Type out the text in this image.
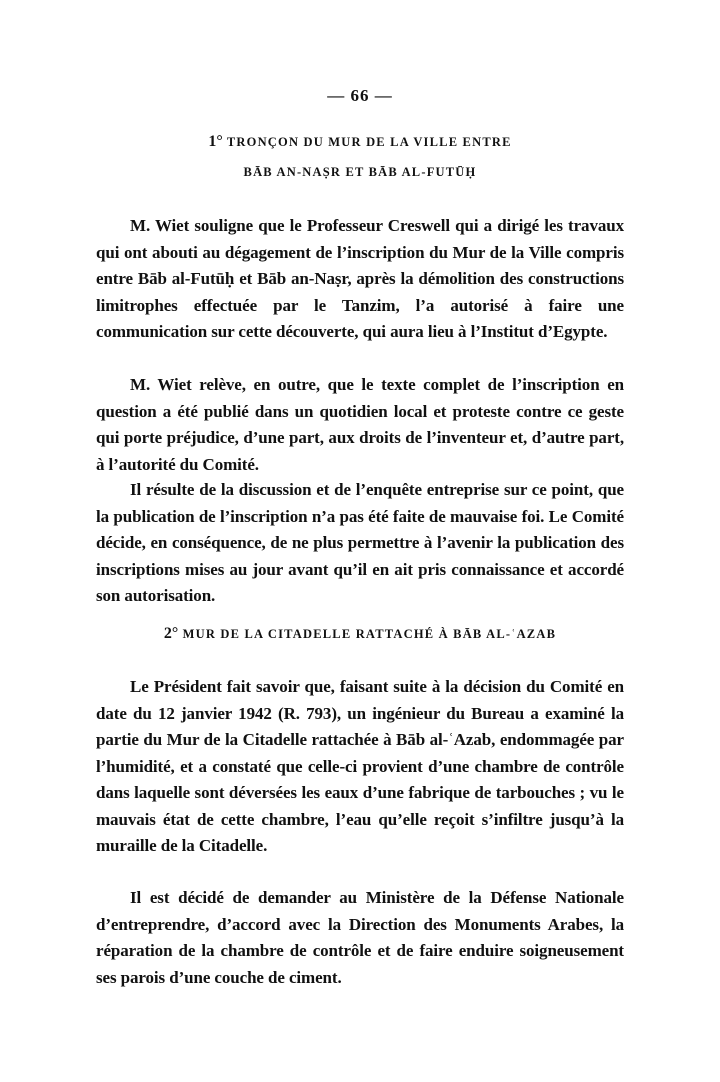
— 66 —
1° TRONÇON DU MUR DE LA VILLE ENTRE
BĀB AN-NAṢR ET BĀB AL-FUTŪḤ

M. Wiet souligne que le Professeur Creswell qui a dirigé les travaux qui ont abouti au dégagement de l’inscription du Mur de la Ville compris entre Bāb al-Futūḥ et Bāb an-Naṣr, après la démolition des constructions limitrophes effectuée par le Tanzim, l’a autorisé à faire une communication sur cette découverte, qui aura lieu à l’Institut d’Egypte.

M. Wiet relève, en outre, que le texte complet de l’inscription en question a été publié dans un quotidien local et proteste contre ce geste qui porte préjudice, d’une part, aux droits de l’inventeur et, d’autre part, à l’autorité du Comité.

Il résulte de la discussion et de l’enquête entreprise sur ce point, que la publication de l’inscription n’a pas été faite de mauvaise foi. Le Comité décide, en conséquence, de ne plus permettre à l’avenir la publication des inscriptions mises au jour avant qu’il en ait pris connaissance et accordé son autorisation.

2° MUR DE LA CITADELLE RATTACHÉ À BĀB AL-ʿAZAB

Le Président fait savoir que, faisant suite à la décision du Comité en date du 12 janvier 1942 (R. 793), un ingénieur du Bureau a examiné la partie du Mur de la Citadelle rattachée à Bāb al-ʿAzab, endommagée par l’humidité, et a constaté que celle-ci provient d’une chambre de contrôle dans laquelle sont déversées les eaux d’une fabrique de tarbouches ; vu le mauvais état de cette chambre, l’eau qu’elle reçoit s’infiltre jusqu’à la muraille de la Citadelle.

Il est décidé de demander au Ministère de la Défense Nationale d’entreprendre, d’accord avec la Direction des Monuments Arabes, la réparation de la chambre de contrôle et de faire enduire soigneusement ses parois d’une couche de ciment.
